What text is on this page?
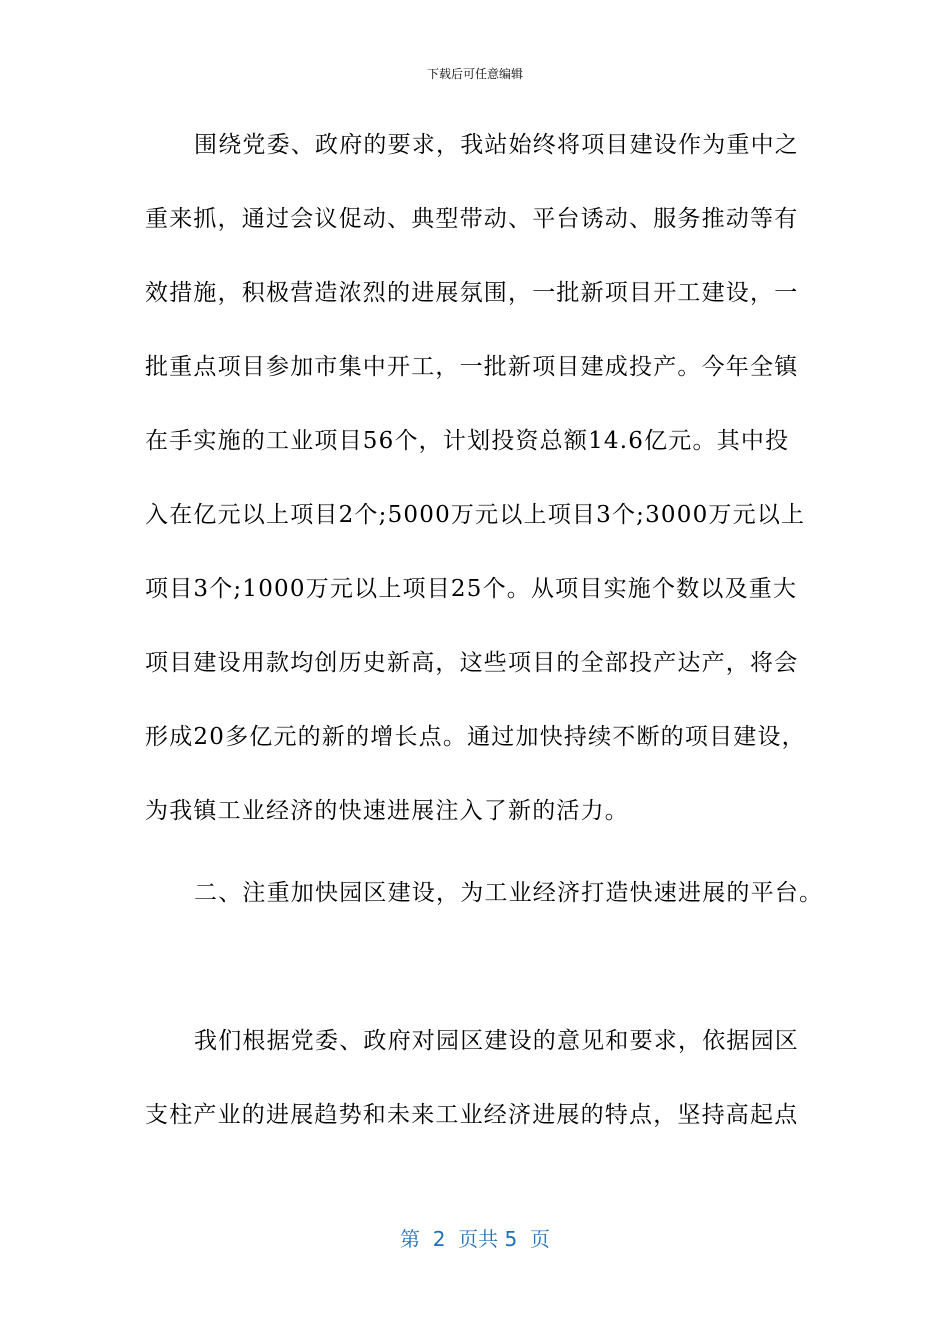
下载后可任意编辑
围绕党委、政府的要求，我站始终将项目建设作为重中之
重来抓，通过会议促动、典型带动、平台诱动、服务推动等有
效措施，积极营造浓烈的进展氛围，一批新项目开工建设，一
批重点项目参加市集中开工，一批新项目建成投产。今年全镇
在手实施的工业项目56个，计划投资总额14.6亿元。其中投
入在亿元以上项目2个;5000万元以上项目3个;3000万元以上
项目3个;1000万元以上项目25个。从项目实施个数以及重大
项目建设用款均创历史新高，这些项目的全部投产达产，将会
形成20多亿元的新的增长点。通过加快持续不断的项目建设，
为我镇工业经济的快速进展注入了新的活力。
二、注重加快园区建设，为工业经济打造快速进展的平台。
我们根据党委、政府对园区建设的意见和要求，依据园区
支柱产业的进展趋势和未来工业经济进展的特点，坚持高起点
第  2  页共 5  页
